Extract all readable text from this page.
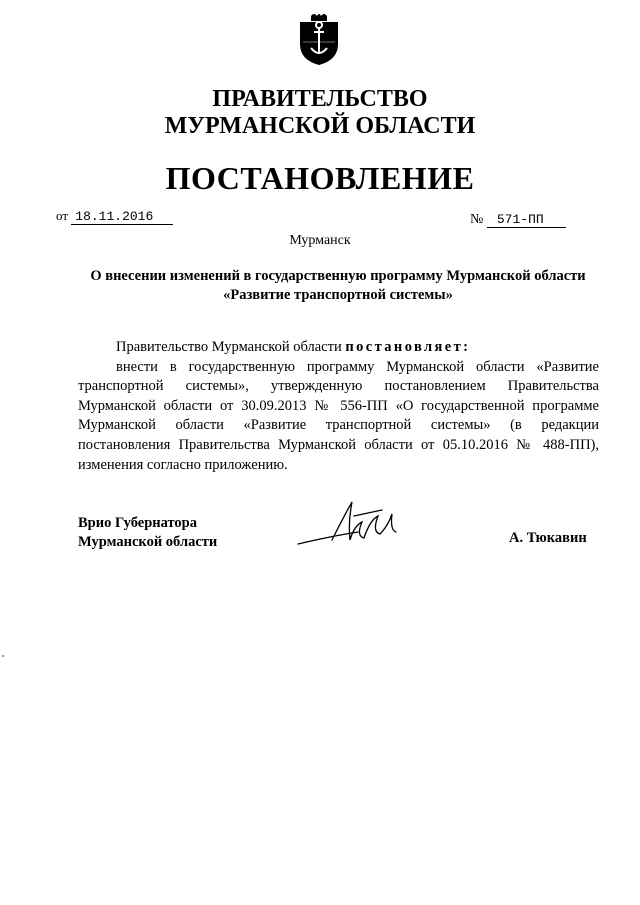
ПРАВИТЕЛЬСТВО
МУРМАНСКОЙ ОБЛАСТИ
ПОСТАНОВЛЕНИЕ
от 18.11.2016	№ 571-ПП
Мурманск
О внесении изменений в государственную программу Мурманской области
«Развитие транспортной системы»

Правительство Мурманской области постановляет:

внести в государственную программу Мурманской области «Развитие транспортной системы», утвержденную постановлением Правительства Мурманской области от 30.09.2013 № 556-ПП «О государственной программе Мурманской области «Развитие транспортной системы» (в редакции постановления Правительства Мурманской области от 05.10.2016 № 488-ПП), изменения согласно приложению.

Врио Губернатора
Мурманской области	А. Тюкавин
